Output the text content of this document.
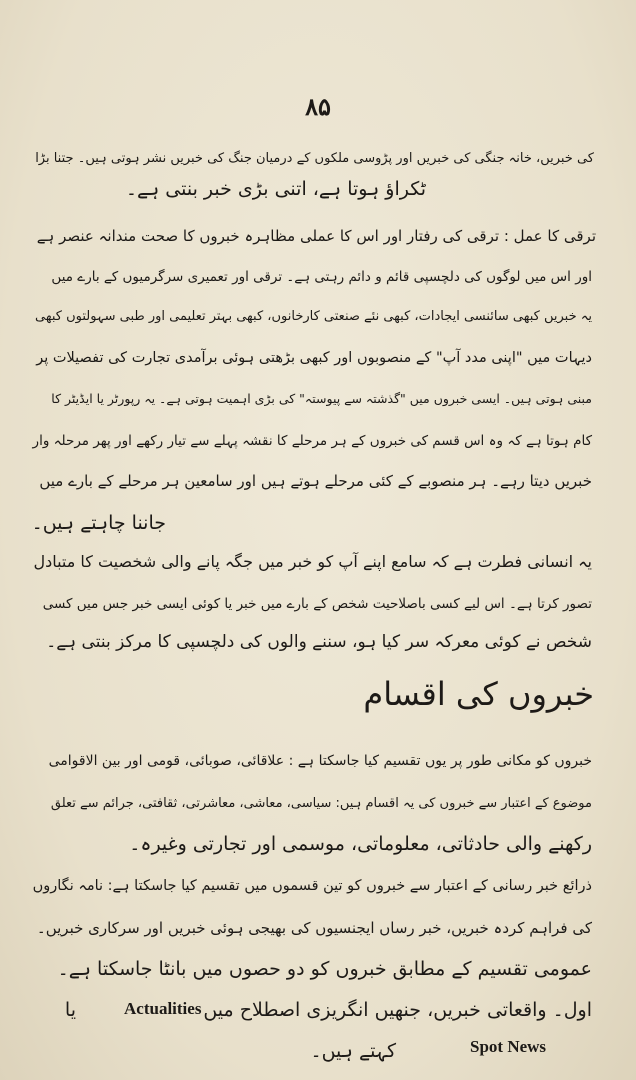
٨۵
کی خبریں، خانہ جنگی کی خبریں اور پڑوسی ملکوں کے درمیان جنگ کی خبریں نشر ہوتی ہیں۔ جتنا بڑا
ٹکراؤ ہوتا ہے، اتنی بڑی خبر بنتی ہے۔
ترقی کا عمل : ترقی کی رفتار اور اس کا عملی مظاہرہ خبروں کا صحت مندانہ عنصر ہے
اور اس میں لوگوں کی دلچسپی قائم و دائم رہتی ہے۔ ترقی اور تعمیری سرگرمیوں کے بارے میں
یہ خبریں کبھی سائنسی ایجادات، کبھی نئے صنعتی کارخانوں، کبھی بہتر تعلیمی اور طبی سہولتوں کبھی
دیہات میں "اپنی مدد آپ" کے منصوبوں اور کبھی بڑھتی ہوئی برآمدی تجارت کی تفصیلات پر
مبنی ہوتی ہیں۔ ایسی خبروں میں "گذشتہ سے پیوستہ" کی بڑی اہمیت ہوتی ہے۔ یہ رپورٹر یا ایڈیٹر کا
کام ہوتا ہے کہ وہ اس قسم کی خبروں کے ہر مرحلے کا نقشہ پہلے سے تیار رکھے اور پھر مرحلہ وار
خبریں دیتا رہے۔ ہر منصوبے کے کئی مرحلے ہوتے ہیں اور سامعین ہر مرحلے کے بارے میں
جاننا چاہتے ہیں۔
یہ انسانی فطرت ہے کہ سامع اپنے آپ کو خبر میں جگہ پانے والی شخصیت کا متبادل
تصور کرتا ہے۔ اس لیے کسی باصلاحیت شخص کے بارے میں خبر یا کوئی ایسی خبر جس میں کسی
شخص نے کوئی معرکہ سر کیا ہو، سننے والوں کی دلچسپی کا مرکز بنتی ہے۔
خبروں کی اقسام
خبروں کو مکانی طور پر یوں تقسیم کیا جاسکتا ہے : علاقائی، صوبائی، قومی اور بین الاقوامی
موضوع کے اعتبار سے خبروں کی یہ اقسام ہیں: سیاسی، معاشی، معاشرتی، ثقافتی، جرائم سے تعلق
رکھنے والی حادثاتی، معلوماتی، موسمی اور تجارتی وغیرہ۔
ذرائع خبر رسانی کے اعتبار سے خبروں کو تین قسموں میں تقسیم کیا جاسکتا ہے: نامہ نگاروں
کی فراہم کردہ خبریں، خبر رساں ایجنسیوں کی بھیجی ہوئی خبریں اور سرکاری خبریں۔
عمومی تقسیم کے مطابق خبروں کو دو حصوں میں بانٹا جاسکتا ہے۔
اول۔ واقعاتی خبریں، جنھیں انگریزی اصطلاح میں
Actualities
یا
کہتے ہیں۔	Spot News
